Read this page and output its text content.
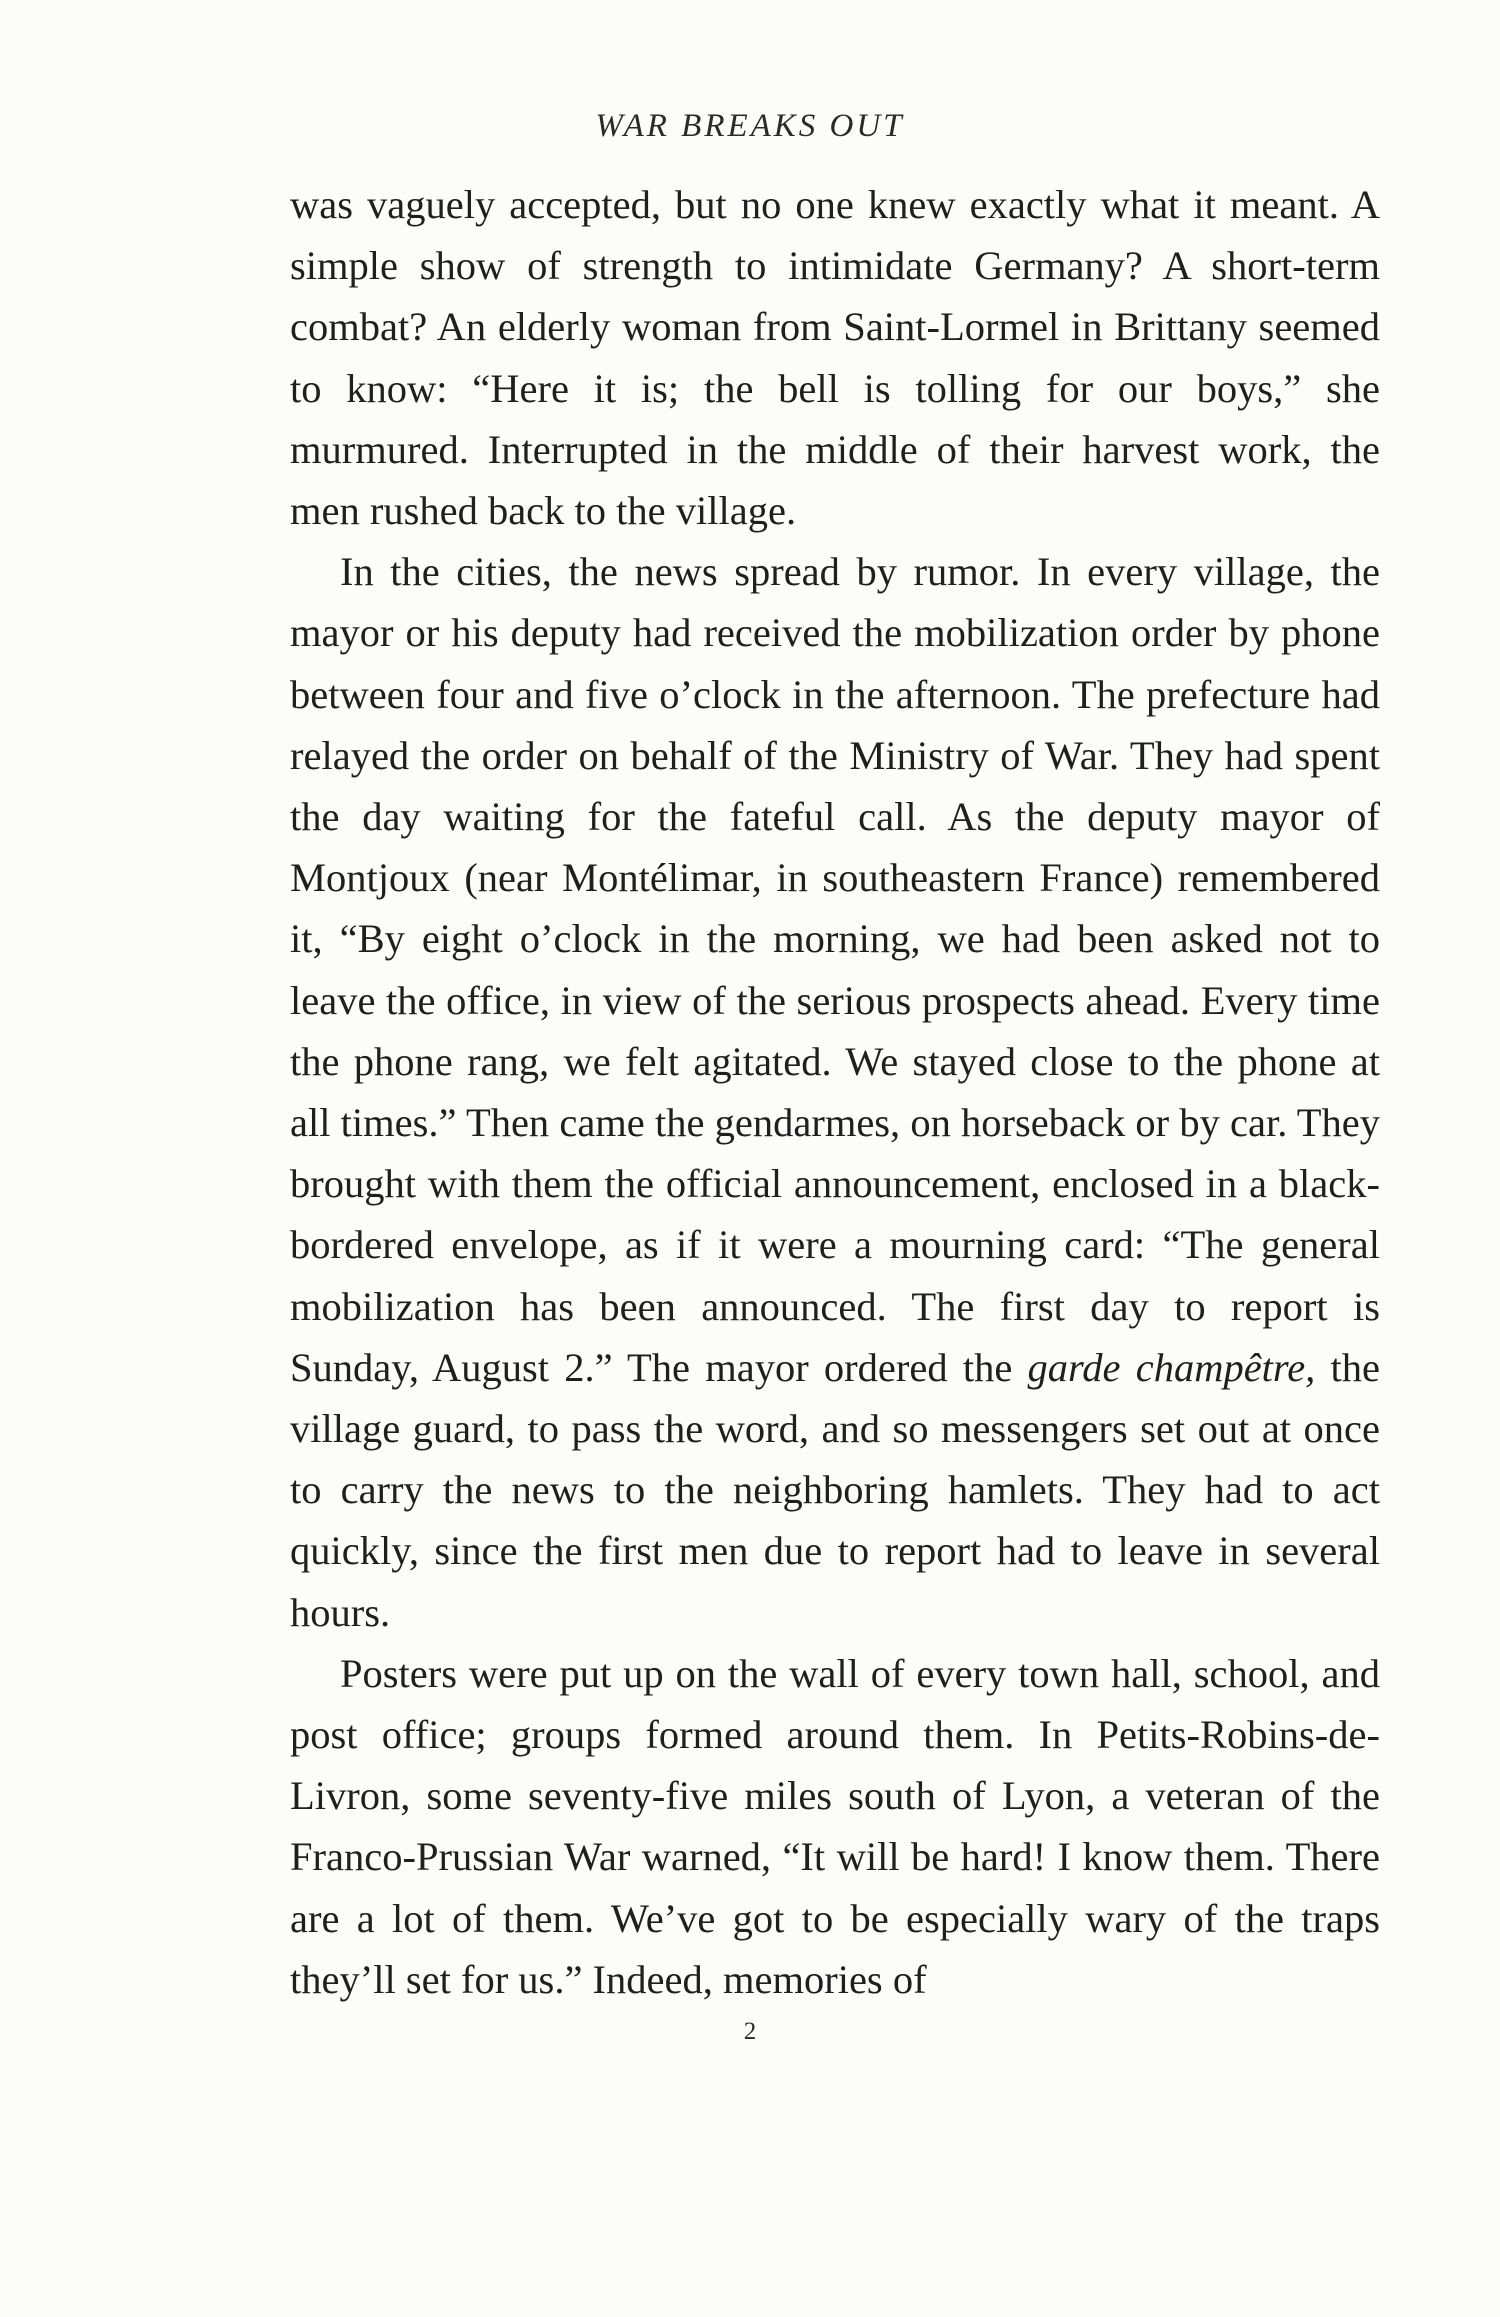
WAR BREAKS OUT

was vaguely accepted, but no one knew exactly what it meant. A simple show of strength to intimidate Germany? A short-term combat? An elderly woman from Saint-Lormel in Brittany seemed to know: “Here it is; the bell is tolling for our boys,” she murmured. Interrupted in the middle of their harvest work, the men rushed back to the village.

In the cities, the news spread by rumor. In every village, the mayor or his deputy had received the mobilization order by phone between four and five o’clock in the afternoon. The prefecture had relayed the order on behalf of the Ministry of War. They had spent the day waiting for the fateful call. As the deputy mayor of Montjoux (near Montélimar, in southeastern France) remembered it, “By eight o’clock in the morning, we had been asked not to leave the office, in view of the serious prospects ahead. Every time the phone rang, we felt agitated. We stayed close to the phone at all times.” Then came the gendarmes, on horseback or by car. They brought with them the official announcement, enclosed in a black-bordered envelope, as if it were a mourning card: “The general mobilization has been announced. The first day to report is Sunday, August 2.” The mayor ordered the garde champêtre, the village guard, to pass the word, and so messengers set out at once to carry the news to the neighboring hamlets. They had to act quickly, since the first men due to report had to leave in several hours.

Posters were put up on the wall of every town hall, school, and post office; groups formed around them. In Petits-Robins-de-Livron, some seventy-five miles south of Lyon, a veteran of the Franco-Prussian War warned, “It will be hard! I know them. There are a lot of them. We’ve got to be especially wary of the traps they’ll set for us.” Indeed, memories of

2
